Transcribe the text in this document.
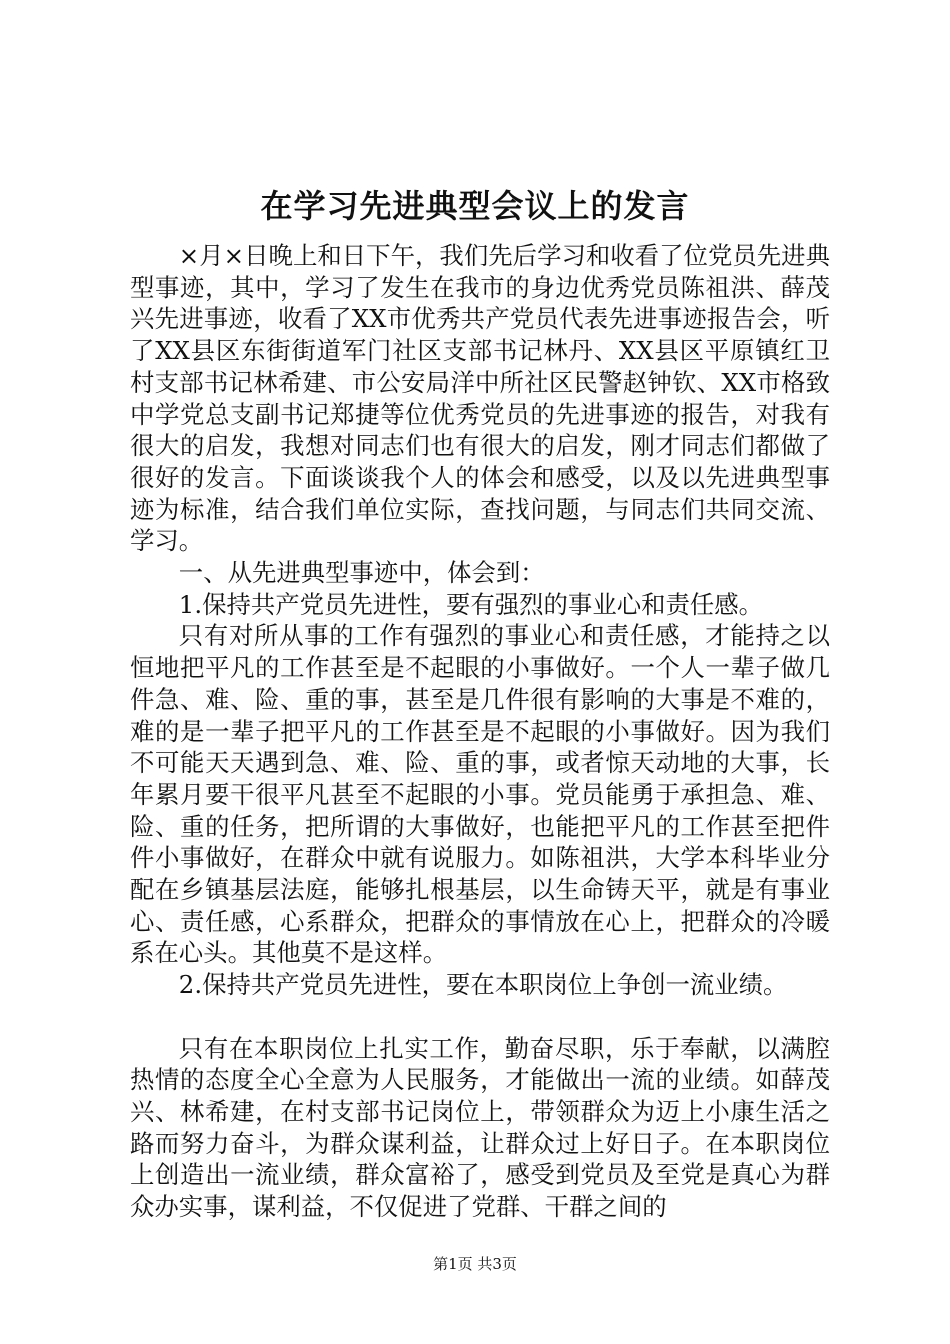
在学习先进典型会议上的发言

×月×日晚上和日下午，我们先后学习和收看了位党员先进典型事迹，其中，学习了发生在我市的身边优秀党员陈祖洪、薛茂兴先进事迹，收看了XX市优秀共产党员代表先进事迹报告会，听了XX县区东街街道军门社区支部书记林丹、XX县区平原镇红卫村支部书记林希建、市公安局洋中所社区民警赵钟钦、XX市格致中学党总支副书记郑捷等位优秀党员的先进事迹的报告，对我有很大的启发，我想对同志们也有很大的启发，刚才同志们都做了很好的发言。下面谈谈我个人的体会和感受，以及以先进典型事迹为标准，结合我们单位实际，查找问题，与同志们共同交流、学习。

一、从先进典型事迹中，体会到：

1.保持共产党员先进性，要有强烈的事业心和责任感。

只有对所从事的工作有强烈的事业心和责任感，才能持之以恒地把平凡的工作甚至是不起眼的小事做好。一个人一辈子做几件急、难、险、重的事，甚至是几件很有影响的大事是不难的，难的是一辈子把平凡的工作甚至是不起眼的小事做好。因为我们不可能天天遇到急、难、险、重的事，或者惊天动地的大事，长年累月要干很平凡甚至不起眼的小事。党员能勇于承担急、难、险、重的任务，把所谓的大事做好，也能把平凡的工作甚至把件件小事做好，在群众中就有说服力。如陈祖洪，大学本科毕业分配在乡镇基层法庭，能够扎根基层，以生命铸天平，就是有事业心、责任感，心系群众，把群众的事情放在心上，把群众的冷暖系在心头。其他莫不是这样。

2.保持共产党员先进性，要在本职岗位上争创一流业绩。

只有在本职岗位上扎实工作，勤奋尽职，乐于奉献，以满腔热情的态度全心全意为人民服务，才能做出一流的业绩。如薛茂兴、林希建，在村支部书记岗位上，带领群众为迈上小康生活之路而努力奋斗，为群众谋利益，让群众过上好日子。在本职岗位上创造出一流业绩，群众富裕了，感受到党员及至党是真心为群众办实事，谋利益，不仅促进了党群、干群之间的

第1页 共3页
